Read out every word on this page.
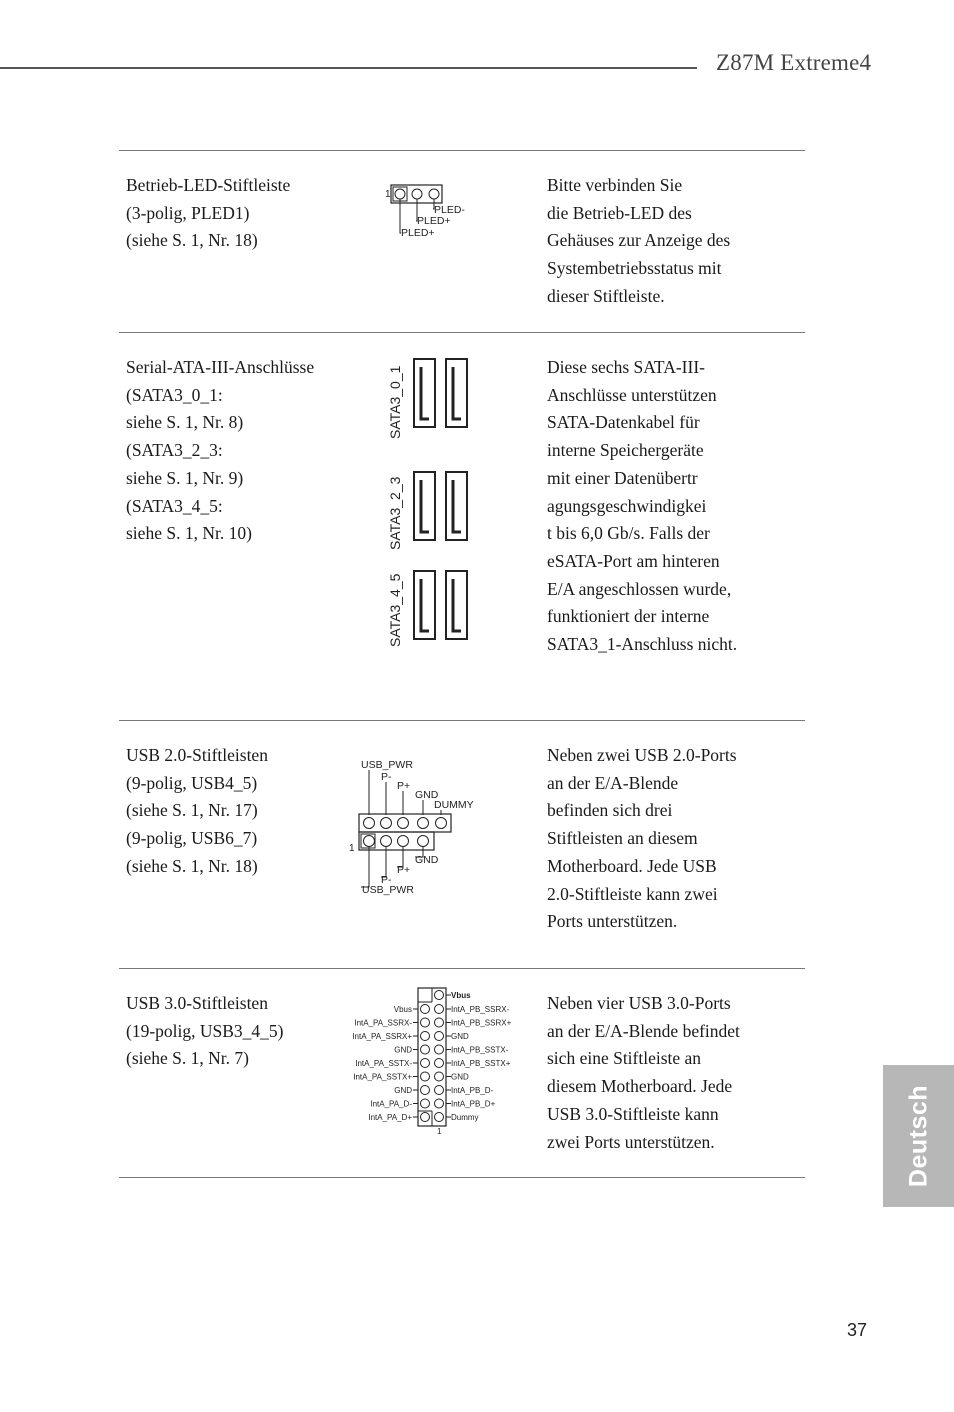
Z87M Extreme4
Betrieb-LED-Stiftleiste
(3-polig, PLED1)
(siehe S. 1, Nr. 18)
1
PLED-
PLED+
PLED+
Bitte verbinden Sie
die Betrieb-LED des
Gehäuses zur Anzeige des
Systembetriebsstatus mit
dieser Stiftleiste.
Serial-ATA-III-Anschlüsse
(SATA3_0_1:
siehe S. 1, Nr. 8)
(SATA3_2_3:
siehe S. 1, Nr. 9)
(SATA3_4_5:
siehe S. 1, Nr. 10)
SATA3_0_1
SATA3_2_3
SATA3_4_5
Diese sechs SATA-III-
Anschlüsse unterstützen
SATA-Datenkabel für
interne Speichergeräte
mit einer Datenübertr
agungsgeschwindigkei
t bis 6,0 Gb/s. Falls der
eSATA-Port am hinteren
E/A angeschlossen wurde,
funktioniert der interne
SATA3_1-Anschluss nicht.
USB 2.0-Stiftleisten
(9-polig, USB4_5)
(siehe S. 1, Nr. 17)
(9-polig, USB6_7)
(siehe S. 1, Nr. 18)
USB_PWR
P-
P+
GND
DUMMY
1
GND
P+
P-
USB_PWR
Neben zwei USB 2.0-Ports
an der E/A-Blende
befinden sich drei
Stiftleisten an diesem
Motherboard. Jede USB
2.0-Stiftleiste kann zwei
Ports unterstützen.
USB 3.0-Stiftleisten
(19-polig, USB3_4_5)
(siehe S. 1, Nr. 7)
Vbus
IntA_PB_SSRX-
IntA_PB_SSRX+
GND
IntA_PB_SSTX-
IntA_PB_SSTX+
GND
IntA_PB_D-
IntA_PB_D+
Dummy
Vbus
IntA_PA_SSRX-
IntA_PA_SSRX+
GND
IntA_PA_SSTX-
IntA_PA_SSTX+
GND
IntA_PA_D-
IntA_PA_D+
1
Neben vier USB 3.0-Ports
an der E/A-Blende befindet
sich eine Stiftleiste an
diesem Motherboard. Jede
USB 3.0-Stiftleiste kann
zwei Ports unterstützen.	Deutsch
37
